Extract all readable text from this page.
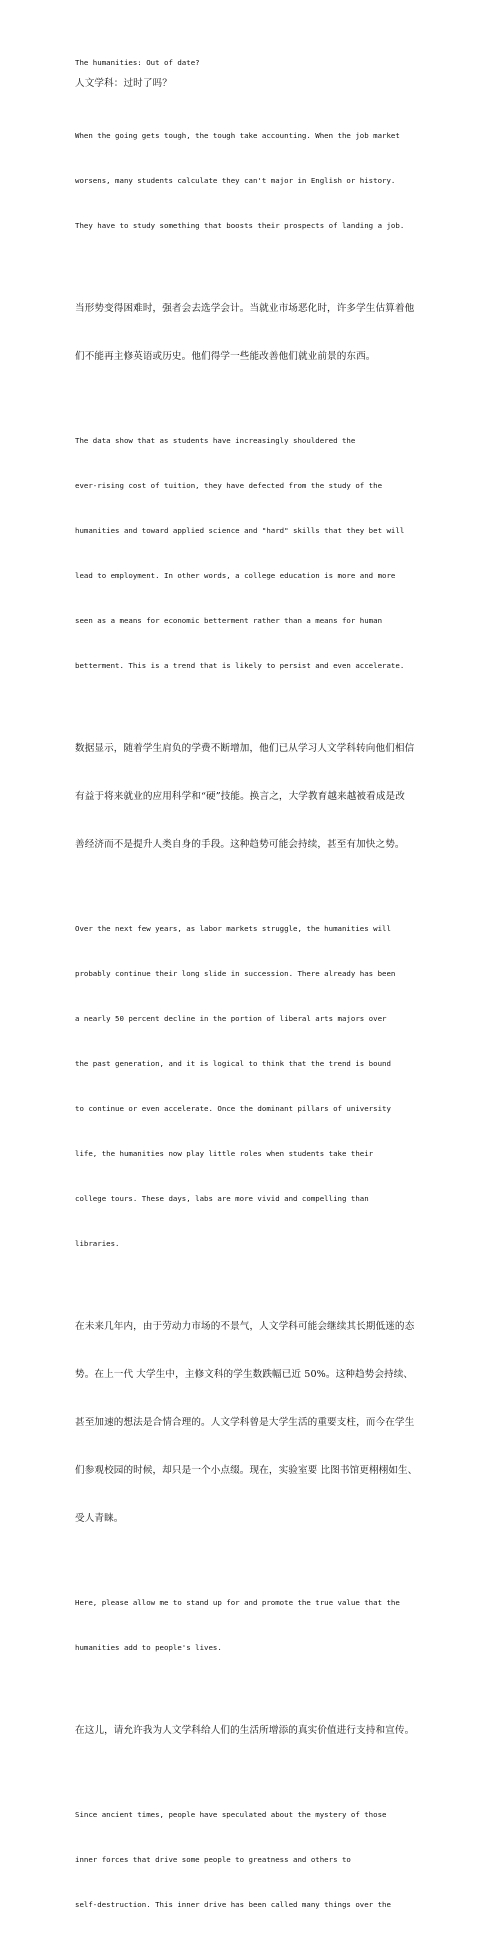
The humanities: Out of date?

人文学科：过时了吗？

When the going gets tough, the tough take accounting. When the job market

worsens, many students calculate they can't major in English or history.

They have to study something that boosts their prospects of landing a job.

当形势变得困难时，强者会去选学会计。当就业市场恶化时，许多学生估算着他

们不能再主修英语或历史。他们得学一些能改善他们就业前景的东西。

The data show that as students have increasingly shouldered the

ever-rising cost of tuition, they have defected from the study of the

humanities and toward applied science and "hard" skills that they bet will

lead to employment. In other words, a college education is more and more

seen as a means for economic betterment rather than a means for human

betterment. This is a trend that is likely to persist and even accelerate.

数据显示，随着学生肩负的学费不断增加，他们已从学习人文学科转向他们相信

有益于将来就业的应用科学和“硬”技能。换言之，大学教育越来越被看成是改

善经济而不是提升人类自身的手段。这种趋势可能会持续，甚至有加快之势。

Over the next few years, as labor markets struggle, the humanities will

probably continue their long slide in succession. There already has been

a nearly 50 percent decline in the portion of liberal arts majors over

the past generation, and it is logical to think that the trend is bound

to continue or even accelerate. Once the dominant pillars of university

life, the humanities now play little roles when students take their

college tours. These days, labs are more vivid and compelling than

libraries.

在未来几年内，由于劳动力市场的不景气，人文学科可能会继续其长期低迷的态

势。在上一代 大学生中，主修文科的学生数跌幅已近 50%。这种趋势会持续、

甚至加速的想法是合情合理的。人文学科曾是大学生活的重要支柱，而今在学生

们参观校园的时候，却只是一个小点缀。现在，实验室要 比图书馆更栩栩如生、

受人青睐。

Here, please allow me to stand up for and promote the true value that the

humanities add to people's lives.

在这儿，请允许我为人文学科给人们的生活所增添的真实价值进行支持和宣传。

Since ancient times, people have speculated about the mystery of those

inner forces that drive some people to greatness and others to

self-destruction. This inner drive has been called many things over the
